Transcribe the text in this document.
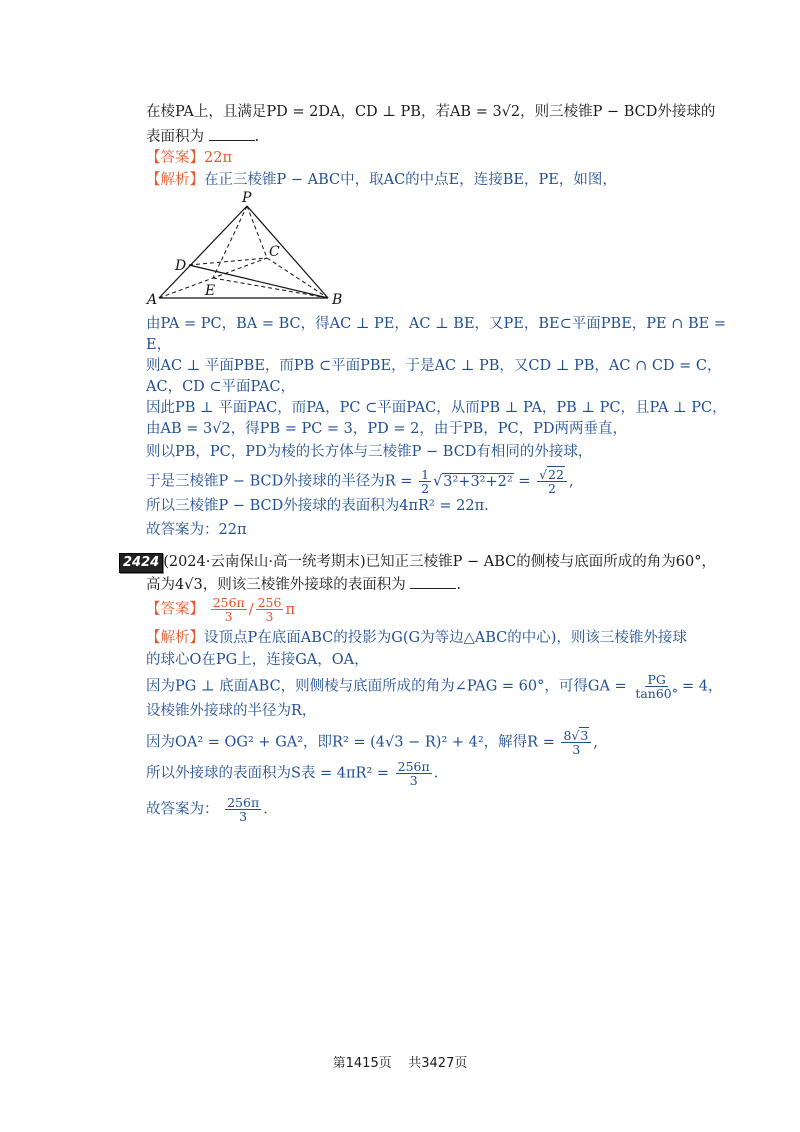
在棱PA上，且满足PD = 2DA，CD ⊥ PB，若AB = 3√2，则三棱锥P − BCD外接球的
表面积为	.
【答案】22π
【解析】在正三棱锥P − ABC中，取AC的中点E，连接BE，PE，如图，
P
C
D
A
E
B
由PA = PC，BA = BC，得AC ⊥ PE，AC ⊥ BE，又PE，BE⊂平面PBE，PE ∩ BE =
E，
则AC ⊥ 平面PBE，而PB ⊂平面PBE，于是AC ⊥ PB，又CD ⊥ PB，AC ∩ CD = C，
AC，CD ⊂平面PAC，
因此PB ⊥ 平面PAC，而PA，PC ⊂平面PAC，从而PB ⊥ PA，PB ⊥ PC，且PA ⊥ PC，
由AB = 3√2，得PB = PC = 3，PD = 2，由于PB，PC，PD两两垂直，
则以PB，PC，PD为棱的长方体与三棱锥P − BCD有相同的外接球，
于是三棱锥P − BCD外接球的半径为$R = \frac{1}{2} √3^2+3^2+2^2 = \frac{√22}{2}$ ,
所以三棱锥P − BCD外接球的表面积为4πR² = 22π.
故答案为：22π
2424 (2024·云南保山·高一统考期末)已知正三棱锥P − ABC的侧棱与底面所成的角为60°，
高为4√3，则该三棱锥外接球的表面积为	.
【答案】 $\frac{256\pi}{3} / \frac{256}{3}$ π
【解析】设顶点P在底面ABC的投影为G(G为等边△ABC的中心)，则该三棱锥外接球
的球心O在PG上，连接GA，OA，
因为PG ⊥ 底面ABC，则侧棱与底面所成的角为∠PAG = 60°，可得GA = $\frac{PG}{\tan 60^\circ} = 4$，
设棱锥外接球的半径为R，
因为OA² = OG² + GA²，即R² = (4√3 − R)² + 4²，解得$R = \frac{8√3}{3}$ ,
所以外接球的表面积为S表 = $4\pi R^2 = \frac{256\pi}{3}$ .
故答案为： $\frac{256\pi}{3}$ .
第1415页 共3427页
